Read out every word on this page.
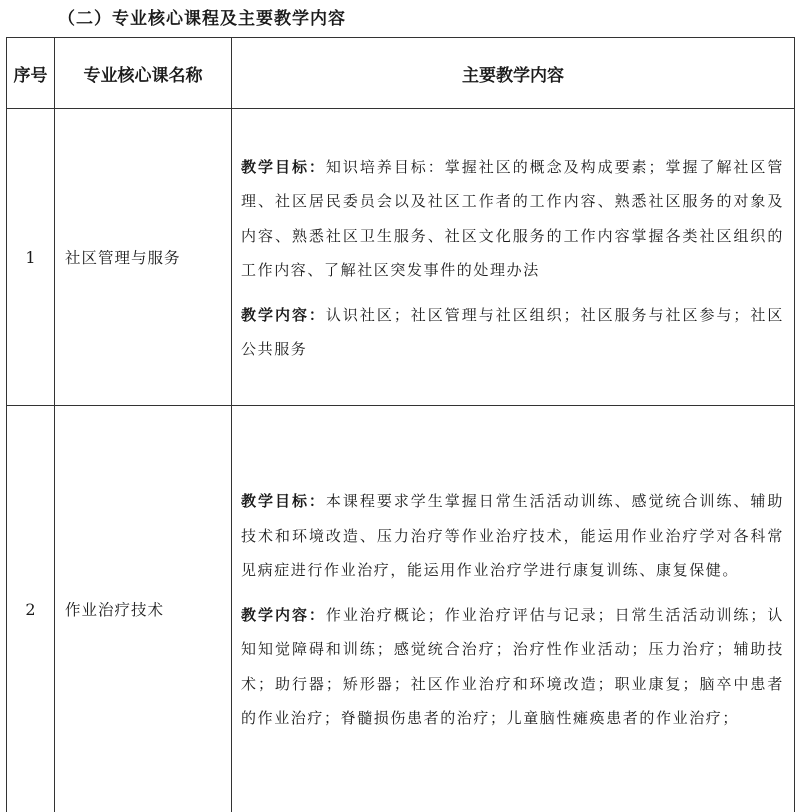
（二）专业核心课程及主要教学内容
序号	专业核心课名称	主要教学内容
1	社区管理与服务	教学目标：知识培养目标：掌握社区的概念及构成要素；掌握了解社区管理、社区居民委员会以及社区工作者的工作内容、熟悉社区服务的对象及内容、熟悉社区卫生服务、社区文化服务的工作内容掌握各类社区组织的工作内容、了解社区突发事件的处理办法

教学内容：认识社区；社区管理与社区组织；社区服务与社区参与；社区公共服务

2	作业治疗技术	教学目标：本课程要求学生掌握日常生活活动训练、感觉统合训练、辅助技术和环境改造、压力治疗等作业治疗技术，能运用作业治疗学对各科常见病症进行作业治疗，能运用作业治疗学进行康复训练、康复保健。

教学内容：作业治疗概论；作业治疗评估与记录；日常生活活动训练；认知知觉障碍和训练；感觉统合治疗；治疗性作业活动；压力治疗；辅助技术；助行器；矫形器；社区作业治疗和环境改造；职业康复；脑卒中患者的作业治疗；脊髓损伤患者的治疗；儿童脑性瘫痪患者的作业治疗；
